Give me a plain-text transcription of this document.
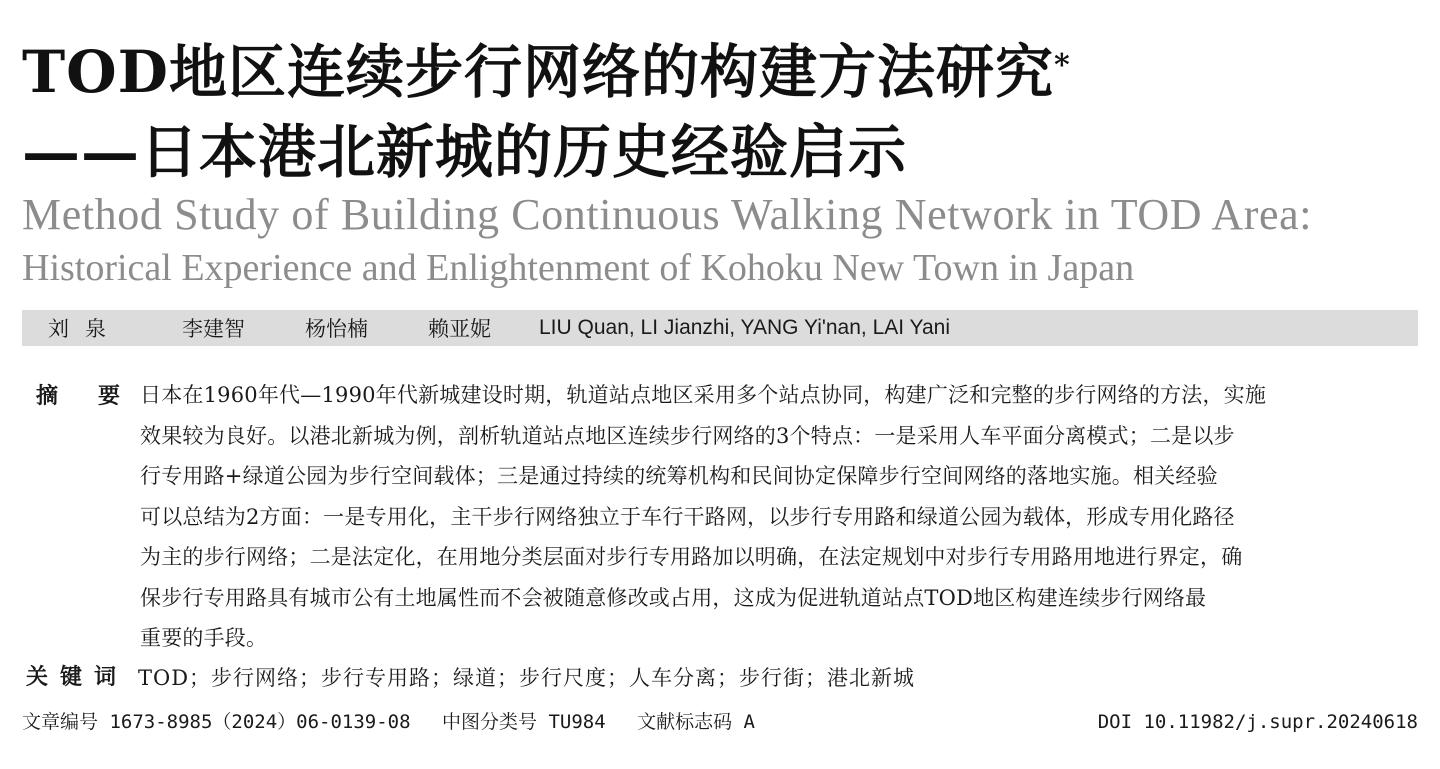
TOD地区连续步行网络的构建方法研究*
——日本港北新城的历史经验启示
Method Study of Building Continuous Walking Network in TOD Area:
Historical Experience and Enlightenment of Kohoku New Town in Japan
刘泉	李建智	杨怡楠	赖亚妮 LIU Quan, LI Jianzhi, YANG Yi'nan, LAI Yani
摘要
日本在1960年代—1990年代新城建设时期，轨道站点地区采用多个站点协同，构建广泛和完整的步行网络的方法，实施
效果较为良好。以港北新城为例，剖析轨道站点地区连续步行网络的3个特点：一是采用人车平面分离模式；二是以步
行专用路+绿道公园为步行空间载体；三是通过持续的统筹机构和民间协定保障步行空间网络的落地实施。相关经验
可以总结为2方面：一是专用化，主干步行网络独立于车行干路网，以步行专用路和绿道公园为载体，形成专用化路径
为主的步行网络；二是法定化，在用地分类层面对步行专用路加以明确，在法定规划中对步行专用路用地进行界定，确
保步行专用路具有城市公有土地属性而不会被随意修改或占用，这成为促进轨道站点TOD地区构建连续步行网络最
重要的手段。
关键词 TOD；步行网络；步行专用路；绿道；步行尺度；人车分离；步行街；港北新城
文章编号 1673-8985（2024）06-0139-08 中图分类号 TU984 文献标志码 A	DOI 10.11982/j.supr.20240618
